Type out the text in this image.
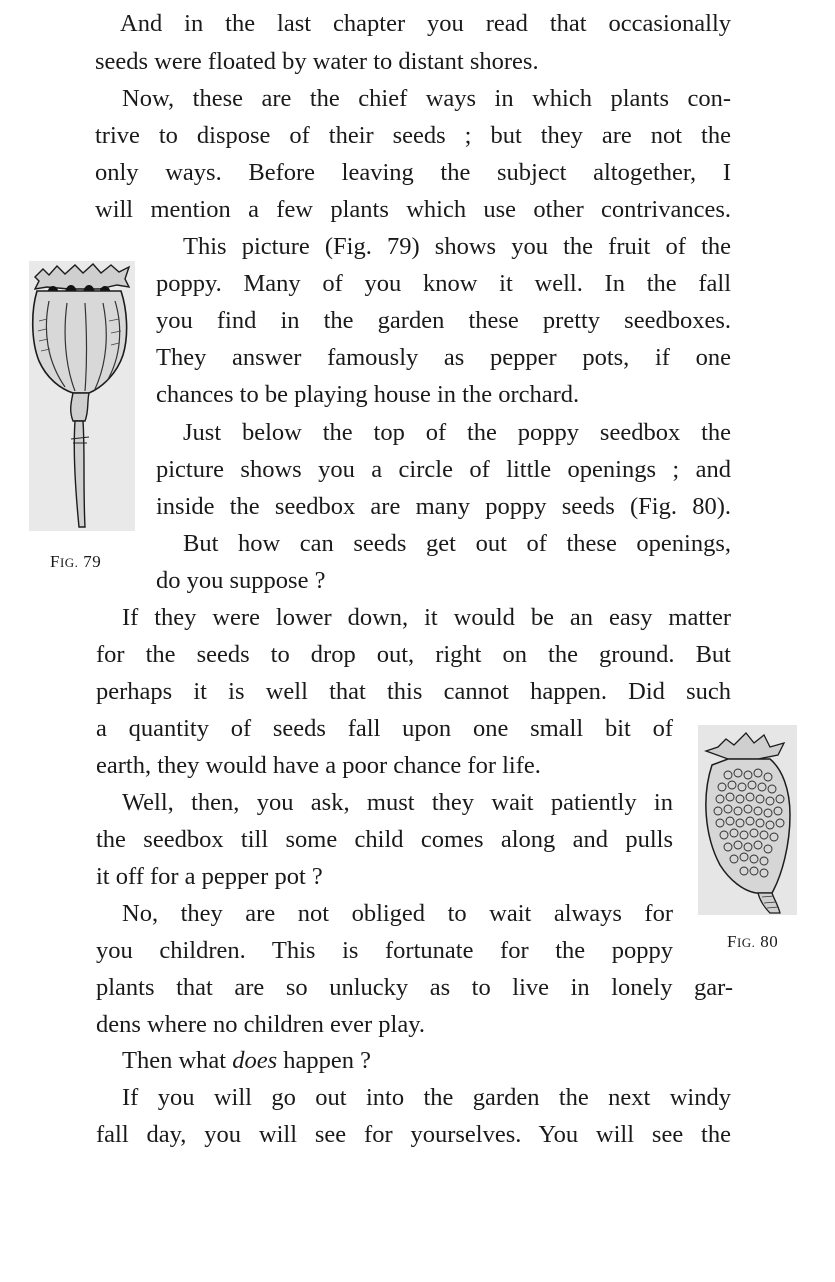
And in the last chapter you read that occasionally
seeds were floated by water to distant shores.
Now, these are the chief ways in which plants con-
trive to dispose of their seeds ; but they are not the
only ways. Before leaving the subject altogether, I
will mention a few plants which use other contrivances.
This picture (Fig. 79) shows you the fruit of the
poppy. Many of you know it well. In the fall
you find in the garden these pretty seedboxes.
They answer famously as pepper pots, if one
chances to be playing house in the orchard.
Just below the top of the poppy seedbox the
picture shows you a circle of little openings ; and
inside the seedbox are many poppy seeds (Fig. 80).
But how can seeds get out of these openings,
do you suppose ?
If they were lower down, it would be an easy matter
for the seeds to drop out, right on the ground. But
perhaps it is well that this cannot happen. Did such
a quantity of seeds fall upon one small bit of
earth, they would have a poor chance for life.
Well, then, you ask, must they wait patiently in
the seedbox till some child comes along and pulls
it off for a pepper pot ?
No, they are not obliged to wait always for
you children. This is fortunate for the poppy
plants that are so unlucky as to live in lonely gar-
dens where no children ever play.
Then what does happen ?
If you will go out into the garden the next windy
fall day, you will see for yourselves. You will see the
FIG. 79
FIG. 80
